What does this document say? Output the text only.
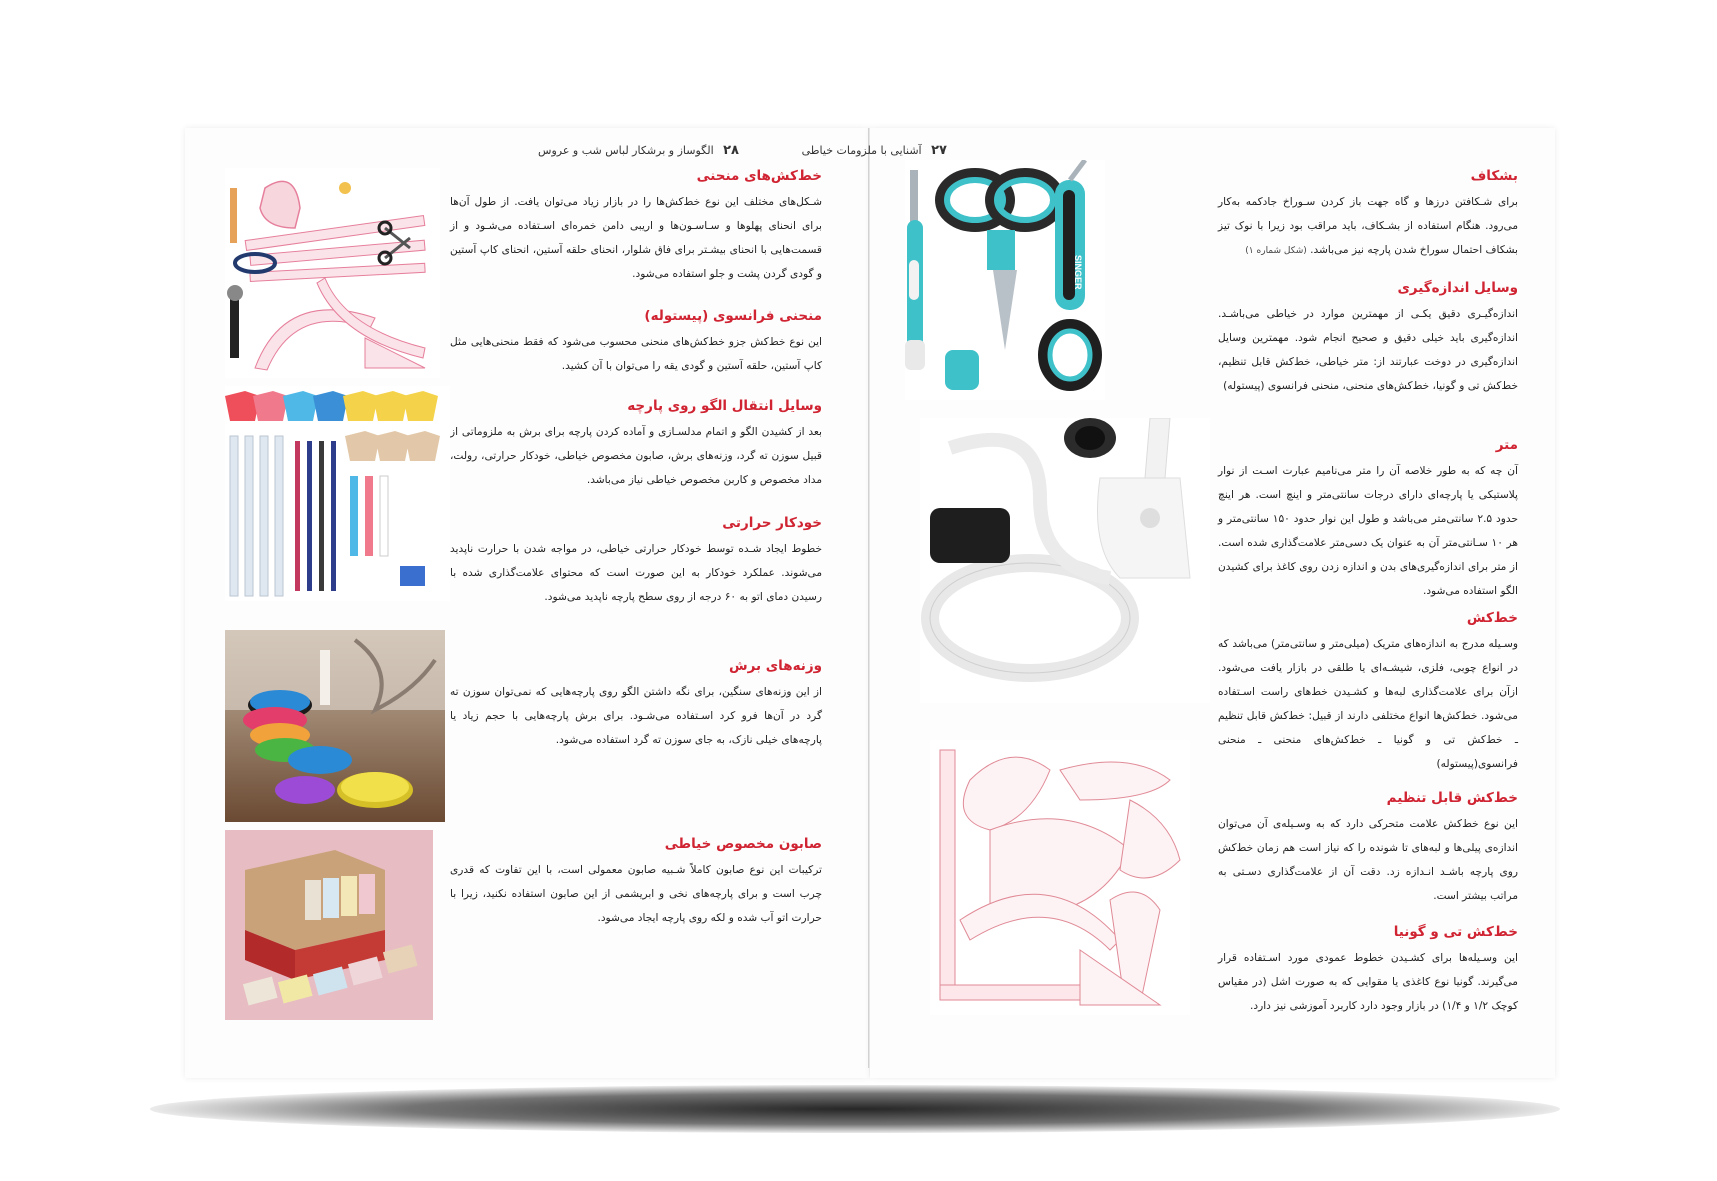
۲۸ الگوساز و برشکار لباس شب و عروس	۲۷ آشنایی با ملزومات خیاطی
خط‌کش‌های منحنی

شـکل‌های مختلف این نوع خط‌کش‌ها را در بازار زیاد می‌توان یافت. از طول آن‌ها برای انحنای پهلوها و سـاسـون‌ها و اریبی دامن خمره‌ای اسـتفاده می‌شـود و از قسمت‌هایی با انحنای بیشـتر برای فاق شلوار، انحنای حلقه آستین، انحنای کاپ آستین و گودی گردن پشت و جلو استفاده می‌شود.

منحنی فرانسوی (پیستوله)

این نوع خط‌کش جزو خط‌کش‌های منحنی محسوب می‌شود که فقط منحنی‌هایی مثل کاپ آستین، حلقه آستین و گودی یقه را می‌توان با آن کشید.

وسایل انتقال الگو روی پارچه

بعد از کشیدن الگو و اتمام مدلسـازی و آماده کردن پارچه برای برش به ملزوماتی از قبیل سوزن ته گرد، وزنه‌های برش، صابون مخصوص خیاطی، خودکار حرارتی، رولت، مداد مخصوص و کاربن مخصوص خیاطی نیاز می‌باشد.

خودکار حرارتی

خطوط ایجاد شـده توسط خودکار حرارتی خیاطی، در مواجه شدن با حرارت ناپدید می‌شوند. عملکرد خودکار به این صورت است که محتوای علامت‌گذاری شده با رسیدن دمای اتو به ۶۰ درجه از روی سطح پارچه ناپدید می‌شود.

وزنه‌های برش

از این وزنه‌های سنگین، برای نگه داشتن الگو روی پارچه‌هایی که نمی‌توان سوزن ته گرد در آن‌ها فرو کرد اسـتفاده می‌شـود. برای برش پارچه‌هایی با حجم زیاد یا پارچه‌های خیلی نازک، به جای سوزن ته گرد استفاده می‌شود.

صابون مخصوص خیاطی

ترکیبات این نوع صابون کاملاً شـبیه صابون معمولی است، با این تفاوت که قدری چرب است و برای پارچه‌های نخی و ابریشمی از این صابون استفاده نکنید، زیرا با حرارت اتو آب شده و لکه روی پارچه ایجاد می‌شود.

بشکاف

برای شـکافتن درزها و گاه جهت باز کردن سـوراخ جادکمه به‌کار می‌رود. هنگام استفاده از بشـکاف، باید مراقب بود زیرا با نوک تیز بشکاف احتمال سوراخ شدن پارچه نیز می‌باشد. (شکل شماره ۱)

وسایل اندازه‌گیری

اندازه‌گیـری دقیق یکـی از مهمترین موارد در خیاطی می‌باشـد. اندازه‌گیری باید خیلی دقیق و صحیح انجام شود. مهمترین وسایل اندازه‌گیری در دوخت عبارتند از: متر خیاطی، خط‌کش قابل تنظیم، خط‌کش تی و گونیا، خط‌کش‌های منحنی، منحنی فرانسوی (پیستوله)

متر

آن چه که به طور خلاصه آن را متر می‌نامیم عبارت اسـت از نوار پلاستیکی یا پارچه‌ای دارای درجات سانتی‌متر و اینچ است. هر اینچ حدود ۲.۵ سانتی‌متر می‌باشد و طول این نوار حدود ۱۵۰ سانتی‌متر و هر ۱۰ سـانتی‌متر آن به عنوان یک دسی‌متر علامت‌گذاری شده است. از متر برای اندازه‌گیری‌های بدن و اندازه زدن روی کاغذ برای کشیدن الگو استفاده می‌شود.

خط‌کش

وسـیله مدرج به اندازه‌های متریک (میلی‌متر و سانتی‌متر) می‌باشد که در انواع چوبی، فلزی، شیشـه‌ای یا طلقی در بازار یافت می‌شود. ازآن برای علامت‌گذاری لبه‌ها و کشـیدن خط‌های راست اسـتفاده می‌شود. خط‌کش‌ها انواع مختلفی دارند از قبیل: خط‌کش قابل تنظیم ـ خط‌کش تی و گونیا ـ خط‌کش‌های منحنی ـ منحنی فرانسوی(پیستوله)

خط‌کش قابل تنظیم

این نوع خط‌کش علامت متحرکی دارد که به وسـیله‌ی آن می‌توان اندازه‌ی پیلی‌ها و لبه‌های تا شونده را که نیاز است هم زمان خط‌کش روی پارچه باشـد انـدازه زد. دقت آن از علامت‌گذاری دسـتی به مراتب بیشتر است.

خط‌کش تی و گونیا

این وسـیله‌ها برای کشـیدن خطوط عمودی مورد اسـتفاده قرار می‌گیرند. گونیا نوع کاغذی یا مقوایی که به صورت اشل (در مقیاس کوچک ۱/۲ و ۱/۴) در بازار وجود دارد کاربرد آموزشی نیز دارد.

SINGER
